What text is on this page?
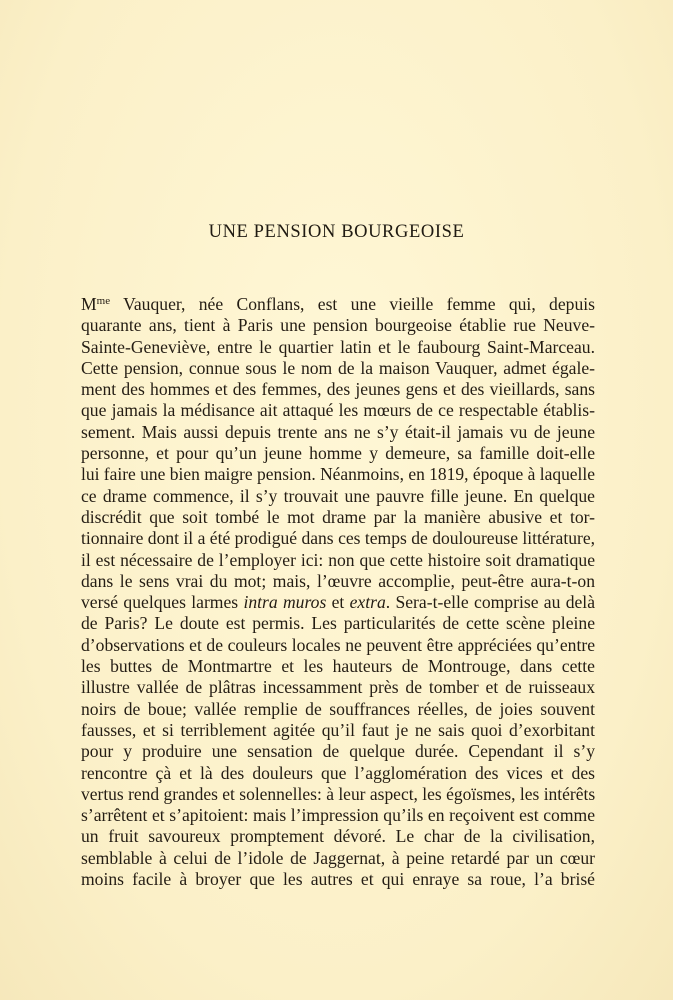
UNE PENSION BOURGEOISE
$M^{me}$ Vauquer, née Conflans, est une vieille femme qui, depuis
quarante ans, tient à Paris une pension bourgeoise établie rue Neuve-
Sainte-Geneviève, entre le quartier latin et le faubourg Saint-Marceau.
Cette pension, connue sous le nom de la maison Vauquer, admet égale-
ment des hommes et des femmes, des jeunes gens et des vieillards, sans
que jamais la médisance ait attaqué les mœurs de ce respectable établis-
sement. Mais aussi depuis trente ans ne s’y était-il jamais vu de jeune
personne, et pour qu’un jeune homme y demeure, sa famille doit-elle
lui faire une bien maigre pension. Néanmoins, en 1819, époque à laquelle
ce drame commence, il s’y trouvait une pauvre fille jeune. En quelque
discrédit que soit tombé le mot drame par la manière abusive et tor-
tionnaire dont il a été prodigué dans ces temps de douloureuse littérature,
il est nécessaire de l’employer ici: non que cette histoire soit dramatique
dans le sens vrai du mot; mais, l’œuvre accomplie, peut-être aura-t-on
versé quelques larmes intra muros et extra. Sera-t-elle comprise au delà
de Paris? Le doute est permis. Les particularités de cette scène pleine
d’observations et de couleurs locales ne peuvent être appréciées qu’entre
les buttes de Montmartre et les hauteurs de Montrouge, dans cette
illustre vallée de plâtras incessamment près de tomber et de ruisseaux
noirs de boue; vallée remplie de souffrances réelles, de joies souvent
fausses, et si terriblement agitée qu’il faut je ne sais quoi d’exorbitant
pour y produire une sensation de quelque durée. Cependant il s’y
rencontre çà et là des douleurs que l’agglomération des vices et des
vertus rend grandes et solennelles: à leur aspect, les égoïsmes, les intérêts
s’arrêtent et s’apitoient: mais l’impression qu’ils en reçoivent est comme
un fruit savoureux promptement dévoré. Le char de la civilisation,
semblable à celui de l’idole de Jaggernat, à peine retardé par un cœur
moins facile à broyer que les autres et qui enraye sa roue, l’a brisé
